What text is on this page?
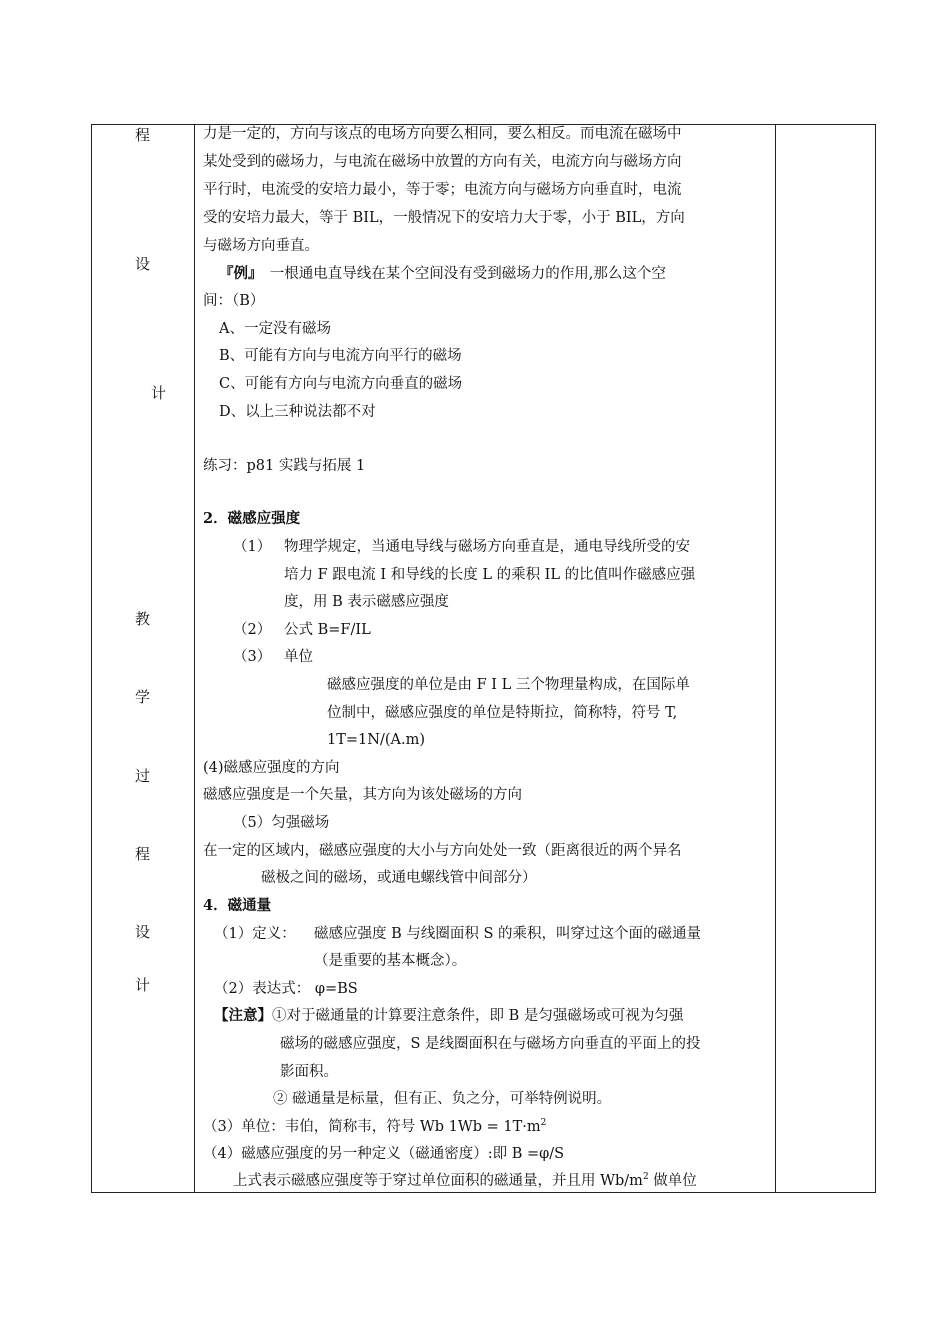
程
设
计
教
学
过
程
设
计
力是一定的，方向与该点的电场方向要么相同，要么相反。而电流在磁场中
某处受到的磁场力，与电流在磁场中放置的方向有关，电流方向与磁场方向
平行时，电流受的安培力最小，等于零；电流方向与磁场方向垂直时，电流
受的安培力最大，等于 BIL，一般情况下的安培力大于零，小于 BIL，方向
与磁场方向垂直。
『例』　一根通电直导线在某个空间没有受到磁场力的作用,那么这个空
间：（B）
A、一定没有磁场
B、可能有方向与电流方向平行的磁场
C、可能有方向与电流方向垂直的磁场
D、以上三种说法都不对
练习：p81 实践与拓展 1
2．磁感应强度
（1） 物理学规定，当通电导线与磁场方向垂直是，通电导线所受的安
培力 F 跟电流 I 和导线的长度 L 的乘积 IL 的比值叫作磁感应强
度，用 B 表示磁感应强度
（2） 公式 B=F/IL
（3） 单位
磁感应强度的单位是由 F I L 三个物理量构成，在国际单
位制中，磁感应强度的单位是特斯拉，简称特，符号 T,
1T=1N/(A.m)
(4)磁感应强度的方向
磁感应强度是一个矢量，其方向为该处磁场的方向
（5）匀强磁场
在一定的区域内，磁感应强度的大小与方向处处一致（距离很近的两个异名
磁极之间的磁场，或通电螺线管中间部分）
4．磁通量
（1）定义： 磁感应强度 B 与线圈面积 S 的乘积，叫穿过这个面的磁通量
（是重要的基本概念）。
（2）表达式： φ=BS
【注意】①对于磁通量的计算要注意条件，即 B 是匀强磁场或可视为匀强
磁场的磁感应强度，S 是线圈面积在与磁场方向垂直的平面上的投
影面积。
② 磁通量是标量，但有正、负之分，可举特例说明。
（3）单位：韦伯，简称韦，符号 Wb $1Wb = 1T\cdot m^2$
（4）磁感应强度的另一种定义（磁通密度）:即 B =φ/S
上式表示磁感应强度等于穿过单位面积的磁通量，并且用 $Wb/m^2$ 做单位
